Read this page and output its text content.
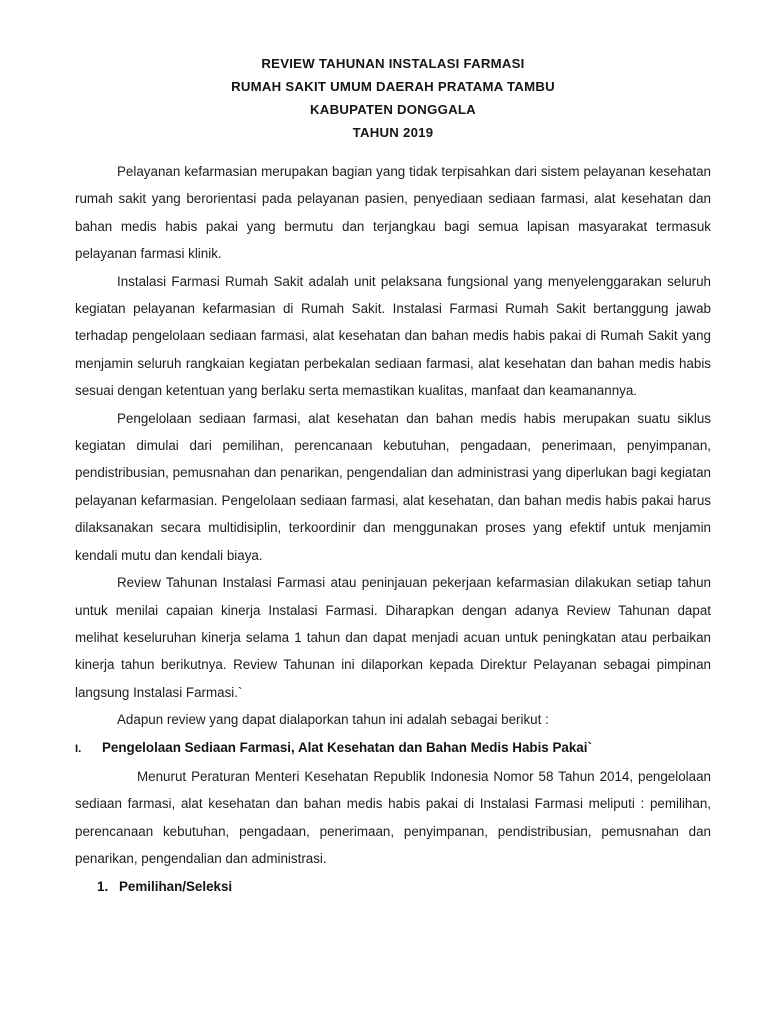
REVIEW TAHUNAN INSTALASI FARMASI
RUMAH SAKIT UMUM DAERAH PRATAMA TAMBU
KABUPATEN DONGGALA
TAHUN 2019

Pelayanan kefarmasian merupakan bagian yang tidak terpisahkan dari sistem pelayanan kesehatan rumah sakit yang berorientasi pada pelayanan pasien, penyediaan sediaan farmasi, alat kesehatan dan bahan medis habis pakai yang bermutu dan terjangkau bagi semua lapisan masyarakat termasuk pelayanan farmasi klinik.

Instalasi Farmasi Rumah Sakit adalah unit pelaksana fungsional yang menyelenggarakan seluruh kegiatan pelayanan kefarmasian di Rumah Sakit. Instalasi Farmasi Rumah Sakit bertanggung jawab terhadap pengelolaan sediaan farmasi, alat kesehatan dan bahan medis habis pakai di Rumah Sakit yang menjamin seluruh rangkaian kegiatan perbekalan sediaan farmasi, alat kesehatan dan bahan medis habis sesuai dengan ketentuan yang berlaku serta memastikan kualitas, manfaat dan keamanannya.

Pengelolaan sediaan farmasi, alat kesehatan dan bahan medis habis merupakan suatu siklus kegiatan dimulai dari pemilihan, perencanaan kebutuhan, pengadaan, penerimaan, penyimpanan, pendistribusian, pemusnahan dan penarikan, pengendalian dan administrasi yang diperlukan bagi kegiatan pelayanan kefarmasian. Pengelolaan sediaan farmasi, alat kesehatan, dan bahan medis habis pakai harus dilaksanakan secara multidisiplin, terkoordinir dan menggunakan proses yang efektif untuk menjamin kendali mutu dan kendali biaya.

Review Tahunan Instalasi Farmasi atau peninjauan pekerjaan kefarmasian dilakukan setiap tahun untuk menilai capaian kinerja Instalasi Farmasi. Diharapkan dengan adanya Review Tahunan dapat melihat keseluruhan kinerja selama 1 tahun dan dapat menjadi acuan untuk peningkatan atau perbaikan kinerja tahun berikutnya. Review Tahunan ini dilaporkan kepada Direktur Pelayanan sebagai pimpinan langsung Instalasi Farmasi.`

Adapun review yang dapat dialaporkan tahun ini adalah sebagai berikut :

I.	Pengelolaan Sediaan Farmasi, Alat Kesehatan dan Bahan Medis Habis Pakai`

Menurut Peraturan Menteri Kesehatan Republik Indonesia Nomor 58 Tahun 2014, pengelolaan sediaan farmasi, alat kesehatan dan bahan medis habis pakai di Instalasi Farmasi meliputi : pemilihan, perencanaan kebutuhan, pengadaan, penerimaan, penyimpanan, pendistribusian, pemusnahan dan penarikan, pengendalian dan administrasi.

1. Pemilihan/Seleksi
